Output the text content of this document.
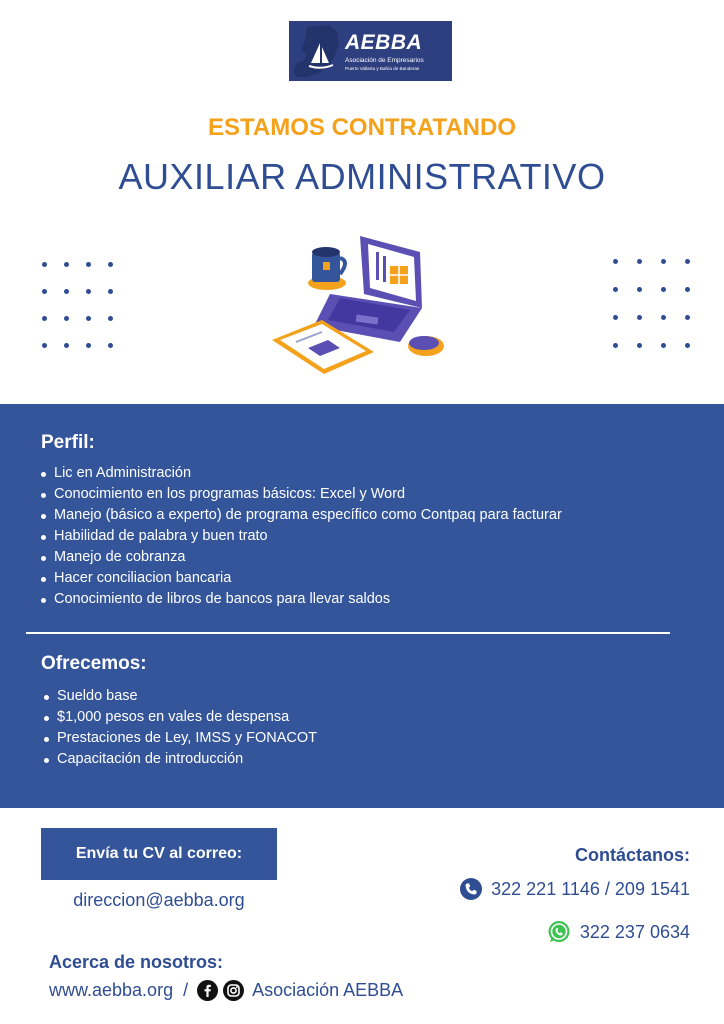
AEBBA
Asociación de Empresarios
Puerto Vallarta y Bahía de Banderas
ESTAMOS CONTRATANDO
AUXILIAR ADMINISTRATIVO
Perfil:
Lic en Administración
Conocimiento en los programas básicos: Excel y Word
Manejo (básico a experto) de programa específico como Contpaq para facturar
Habilidad de palabra y buen trato
Manejo de cobranza
Hacer conciliacion bancaria
Conocimiento de libros de bancos para llevar saldos
Ofrecemos:
Sueldo base
$1,000 pesos en vales de despensa
Prestaciones de Ley, IMSS y FONACOT
Capacitación de introducción
Envía tu CV al correo:
direccion@aebba.org
Contáctanos:
322 221 1146 / 209 1541
322 237 0634
Acerca de nosotros:
www.aebba.org /	Asociación AEBBA
